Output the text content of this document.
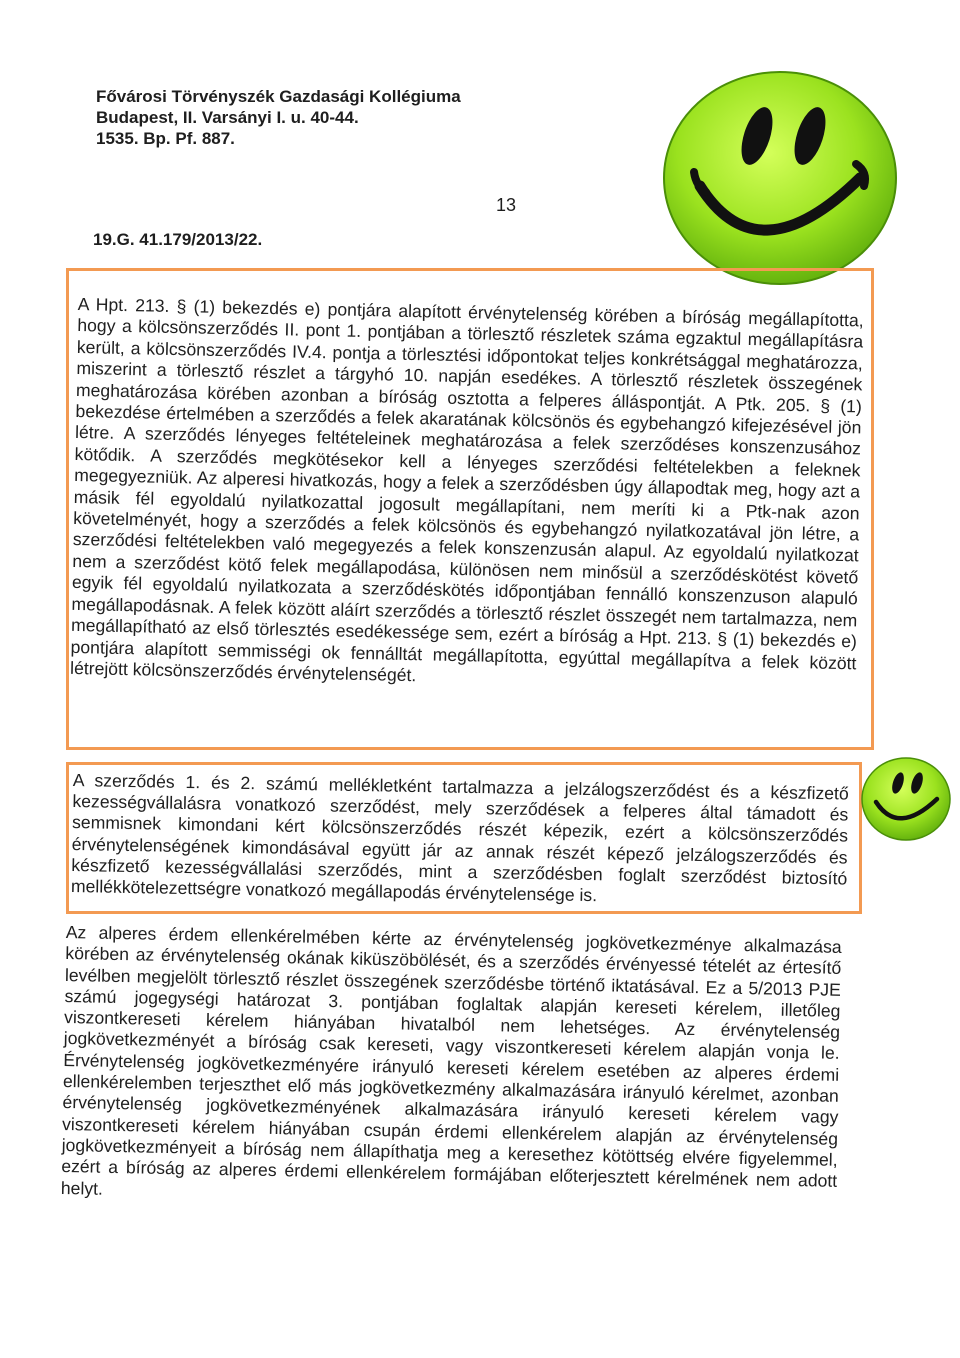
Fővárosi Törvényszék Gazdasági Kollégiuma
Budapest, II. Varsányi I. u. 40-44.
1535. Bp. Pf. 887.
13
19.G. 41.179/2013/22.
A Hpt. 213. § (1) bekezdés e) pontjára alapított érvénytelenség körében a bíróság megállapította, hogy a kölcsönszerződés II. pont 1. pontjában a törlesztő részletek száma egzaktul megállapításra került, a kölcsönszerződés IV.4. pontja a törlesztési időpontokat teljes konkrétsággal meghatározza, miszerint a törlesztő részlet a tárgyhó 10. napján esedékes. A törlesztő részletek összegének meghatározása körében azonban a bíróság osztotta a felperes álláspontját. A Ptk. 205. § (1) bekezdése értelmében a szerződés a felek akaratának kölcsönös és egybehangzó kifejezésével jön létre. A szerződés lényeges feltételeinek meghatározása a felek szerződéses konszenzusához kötődik. A szerződés megkötésekor kell a lényeges szerződési feltételekben a feleknek megegyezniük. Az alperesi hivatkozás, hogy a felek a szerződésben úgy állapodtak meg, hogy azt a másik fél egyoldalú nyilatkozattal jogosult megállapítani, nem meríti ki a Ptk-nak azon követelményét, hogy a szerződés a felek kölcsönös és egybehangzó nyilatkozatával jön létre, a szerződési feltételekben való megegyezés a felek konszenzusán alapul. Az egyoldalú nyilatkozat nem a szerződést kötő felek megállapodása, különösen nem minősül a szerződéskötést követő egyik fél egyoldalú nyilatkozata a szerződéskötés időpontjában fennálló konszenzuson alapuló megállapodásnak. A felek között aláírt szerződés a törlesztő részlet összegét nem tartalmazza, nem megállapítható az első törlesztés esedékessége sem, ezért a bíróság a Hpt. 213. § (1) bekezdés e) pontjára alapított semmisségi ok fennálltát megállapította, egyúttal megállapítva a felek között létrejött kölcsönszerződés érvénytelenségét.
A szerződés 1. és 2. számú mellékletként tartalmazza a jelzálogszerződést és a készfizető kezességvállalásra vonatkozó szerződést, mely szerződések a felperes által támadott és semmisnek kimondani kért kölcsönszerződés részét képezik, ezért a kölcsönszerződés érvénytelenségének kimondásával együtt jár az annak részét képező jelzálogszerződés és készfizető kezességvállalási szerződés, mint a szerződésben foglalt szerződést biztosító mellékkötelezettségre vonatkozó megállapodás érvénytelensége is.
Az alperes érdem ellenkérelmében kérte az érvénytelenség jogkövetkezménye alkalmazása körében az érvénytelenség okának kiküszöbölését, és a szerződés érvényessé tételét az értesítő levélben megjelölt törlesztő részlet összegének szerződésbe történő iktatásával. Ez a 5/2013 PJE számú jogegységi határozat 3. pontjában foglaltak alapján kereseti kérelem, illetőleg viszontkereseti kérelem hiányában hivatalból nem lehetséges. Az érvénytelenség jogkövetkezményét a bíróság csak kereseti, vagy viszontkereseti kérelem alapján vonja le. Érvénytelenség jogkövetkezményére irányuló kereseti kérelem esetében az alperes érdemi ellenkérelemben terjeszthet elő más jogkövetkezmény alkalmazására irányuló kérelmet, azonban érvénytelenség jogkövetkezményének alkalmazására irányuló kereseti kérelem vagy viszontkereseti kérelem hiányában csupán érdemi ellenkérelem alapján az érvénytelenség jogkövetkezményeit a bíróság nem állapíthatja meg a keresethez kötöttség elvére figyelemmel, ezért a bíróság az alperes érdemi ellenkérelem formájában előterjesztett kérelmének nem adott helyt.
